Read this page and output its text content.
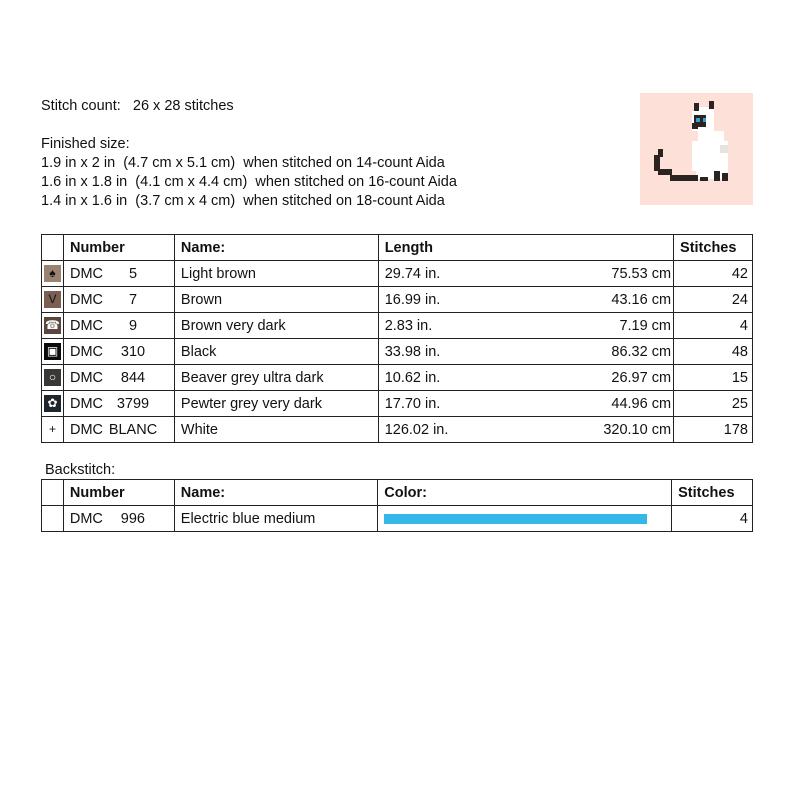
Stitch count: 26 x 28 stitches
Finished size:
1.9 in x 2 in  (4.7 cm x 5.1 cm)  when stitched on 14-count Aida
1.6 in x 1.8 in  (4.1 cm x 4.4 cm)  when stitched on 16-count Aida
1.4 in x 1.6 in  (3.7 cm x 4 cm)  when stitched on 18-count Aida
	Number	Name:	Length	Stitches
♠	DMC 5	Light brown	29.74 in. 75.53 cm	42
V	DMC 7	Brown	16.99 in. 43.16 cm	24
☎	DMC 9	Brown very dark	2.83 in. 7.19 cm	4
▣	DMC 310	Black	33.98 in. 86.32 cm	48
○	DMC 844	Beaver grey ultra dark	10.62 in. 26.97 cm	15
✿	DMC 3799	Pewter grey very dark	17.70 in. 44.96 cm	25
+	DMC BLANC	White	126.02 in. 320.10 cm	178
Backstitch:
	Number	Name:	Color:	Stitches
	DMC 996	Electric blue medium		4
